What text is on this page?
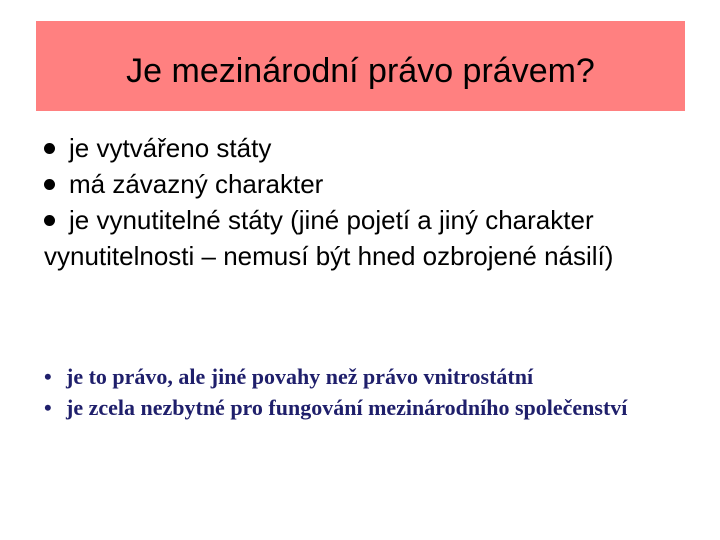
Je mezinárodní právo právem?

je vytvářeno státy

má závazný charakter

je vynutitelné státy (jiné pojetí a jiný charakter vynutitelnosti – nemusí být hned ozbrojené násilí)

• je to právo, ale jiné povahy než právo vnitrostátní

• je zcela nezbytné pro fungování mezinárodního společenství
